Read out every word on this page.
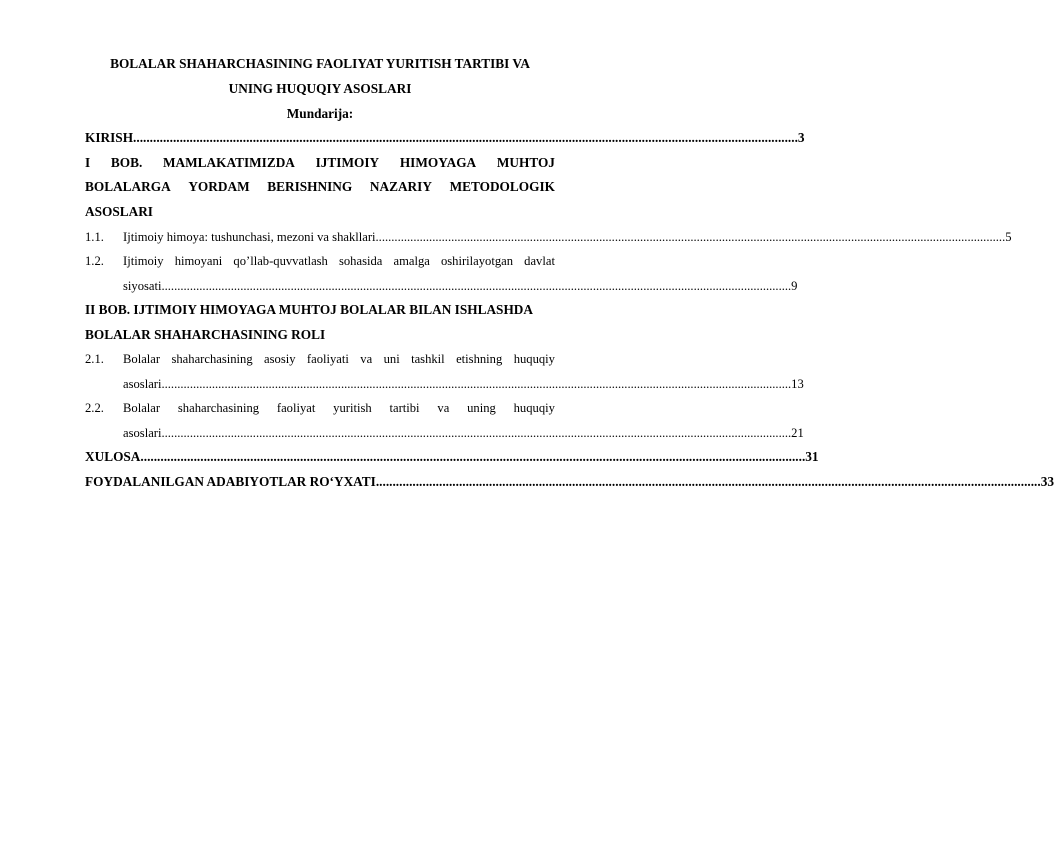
BOLALAR SHAHARCHASINING FAOLIYAT YURITISH TARTIBI VA
UNING HUQUQIY ASOSLARI
Mundarija:
KIRISH ........................................................................................................................................................................................................ 3
I BOB. MAMLAKATIMIZDA IJTIMOIY HIMOYAGA MUHTOJ
BOLALARGA YORDAM BERISHNING NAZARIY METODOLOGIK
ASOSLARI
1.1.	Ijtimoiy himoya: tushunchasi, mezoni va shakllari ........................................................................................................................................................................................................ 5
1.2.	Ijtimoiy himoyani qo’llab-quvvatlash sohasida amalga oshirilayotgan davlat
siyosati ........................................................................................................................................................................................................ 9
II BOB. IJTIMOIY HIMOYAGA MUHTOJ BOLALAR BILAN ISHLASHDA
BOLALAR SHAHARCHASINING ROLI
2.1.	Bolalar shaharchasining asosiy faoliyati va uni tashkil etishning huquqiy
asoslari ........................................................................................................................................................................................................ 13
2.2.	Bolalar shaharchasining faoliyat yuritish tartibi va uning huquqiy
asoslari ........................................................................................................................................................................................................ 21
XULOSA ........................................................................................................................................................................................................ 31
FOYDALANILGAN ADABIYOTLAR RO‘YXATI ........................................................................................................................................................................................................ 33
